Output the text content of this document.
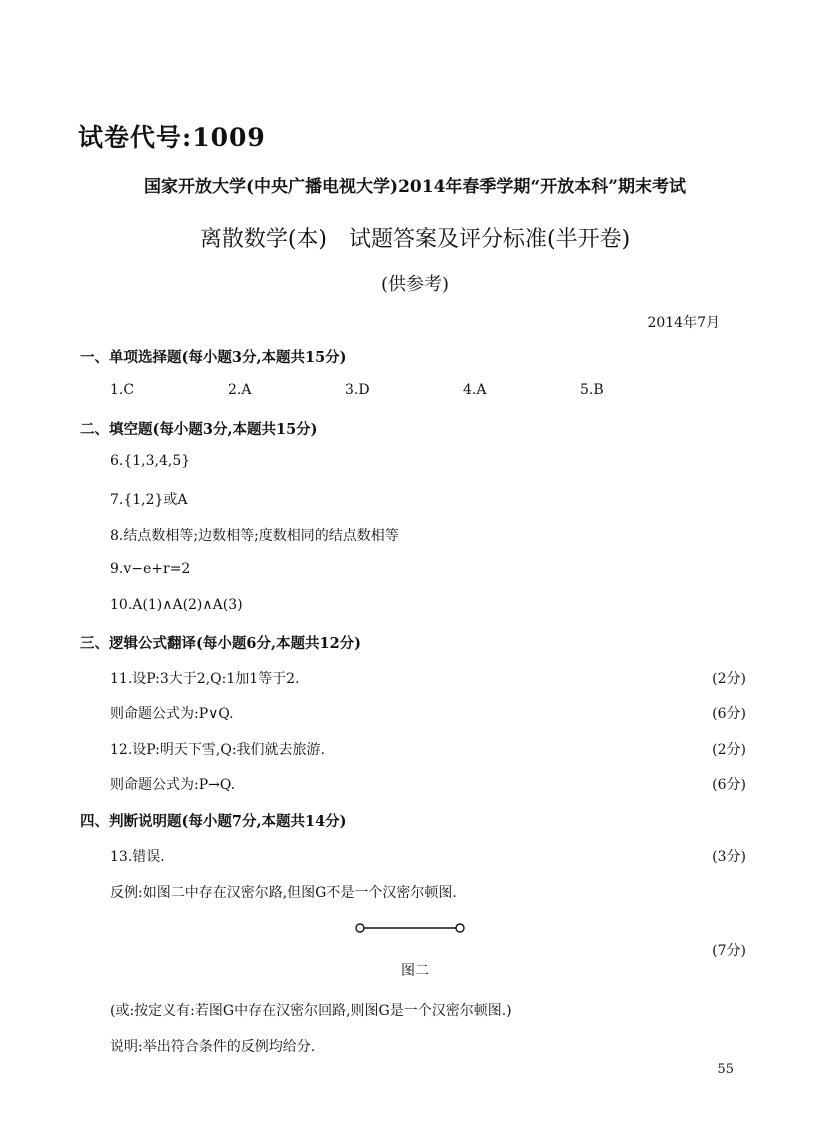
试卷代号:1009
国家开放大学(中央广播电视大学)2014年春季学期“开放本科”期末考试
离散数学(本)　试题答案及评分标准(半开卷)
(供参考)
2014年7月
一、单项选择题(每小题3分,本题共15分)
1.C	2.A	3.D	4.A	5.B
二、填空题(每小题3分,本题共15分)
6.{1,3,4,5}
7.{1,2}或A
8.结点数相等;边数相等;度数相同的结点数相等
9.v−e+r=2
10.A(1)∧A(2)∧A(3)
三、逻辑公式翻译(每小题6分,本题共12分)
11.设P:3大于2,Q:1加1等于2.	(2分)
则命题公式为:P∨Q.	(6分)
12.设P:明天下雪,Q:我们就去旅游.	(2分)
则命题公式为:P→Q.	(6分)
四、判断说明题(每小题7分,本题共14分)
13.错误.	(3分)
反例:如图二中存在汉密尔路,但图G不是一个汉密尔顿图.
(7分)
图二
(或:按定义有:若图G中存在汉密尔回路,则图G是一个汉密尔顿图.)
说明:举出符合条件的反例均给分.
55
